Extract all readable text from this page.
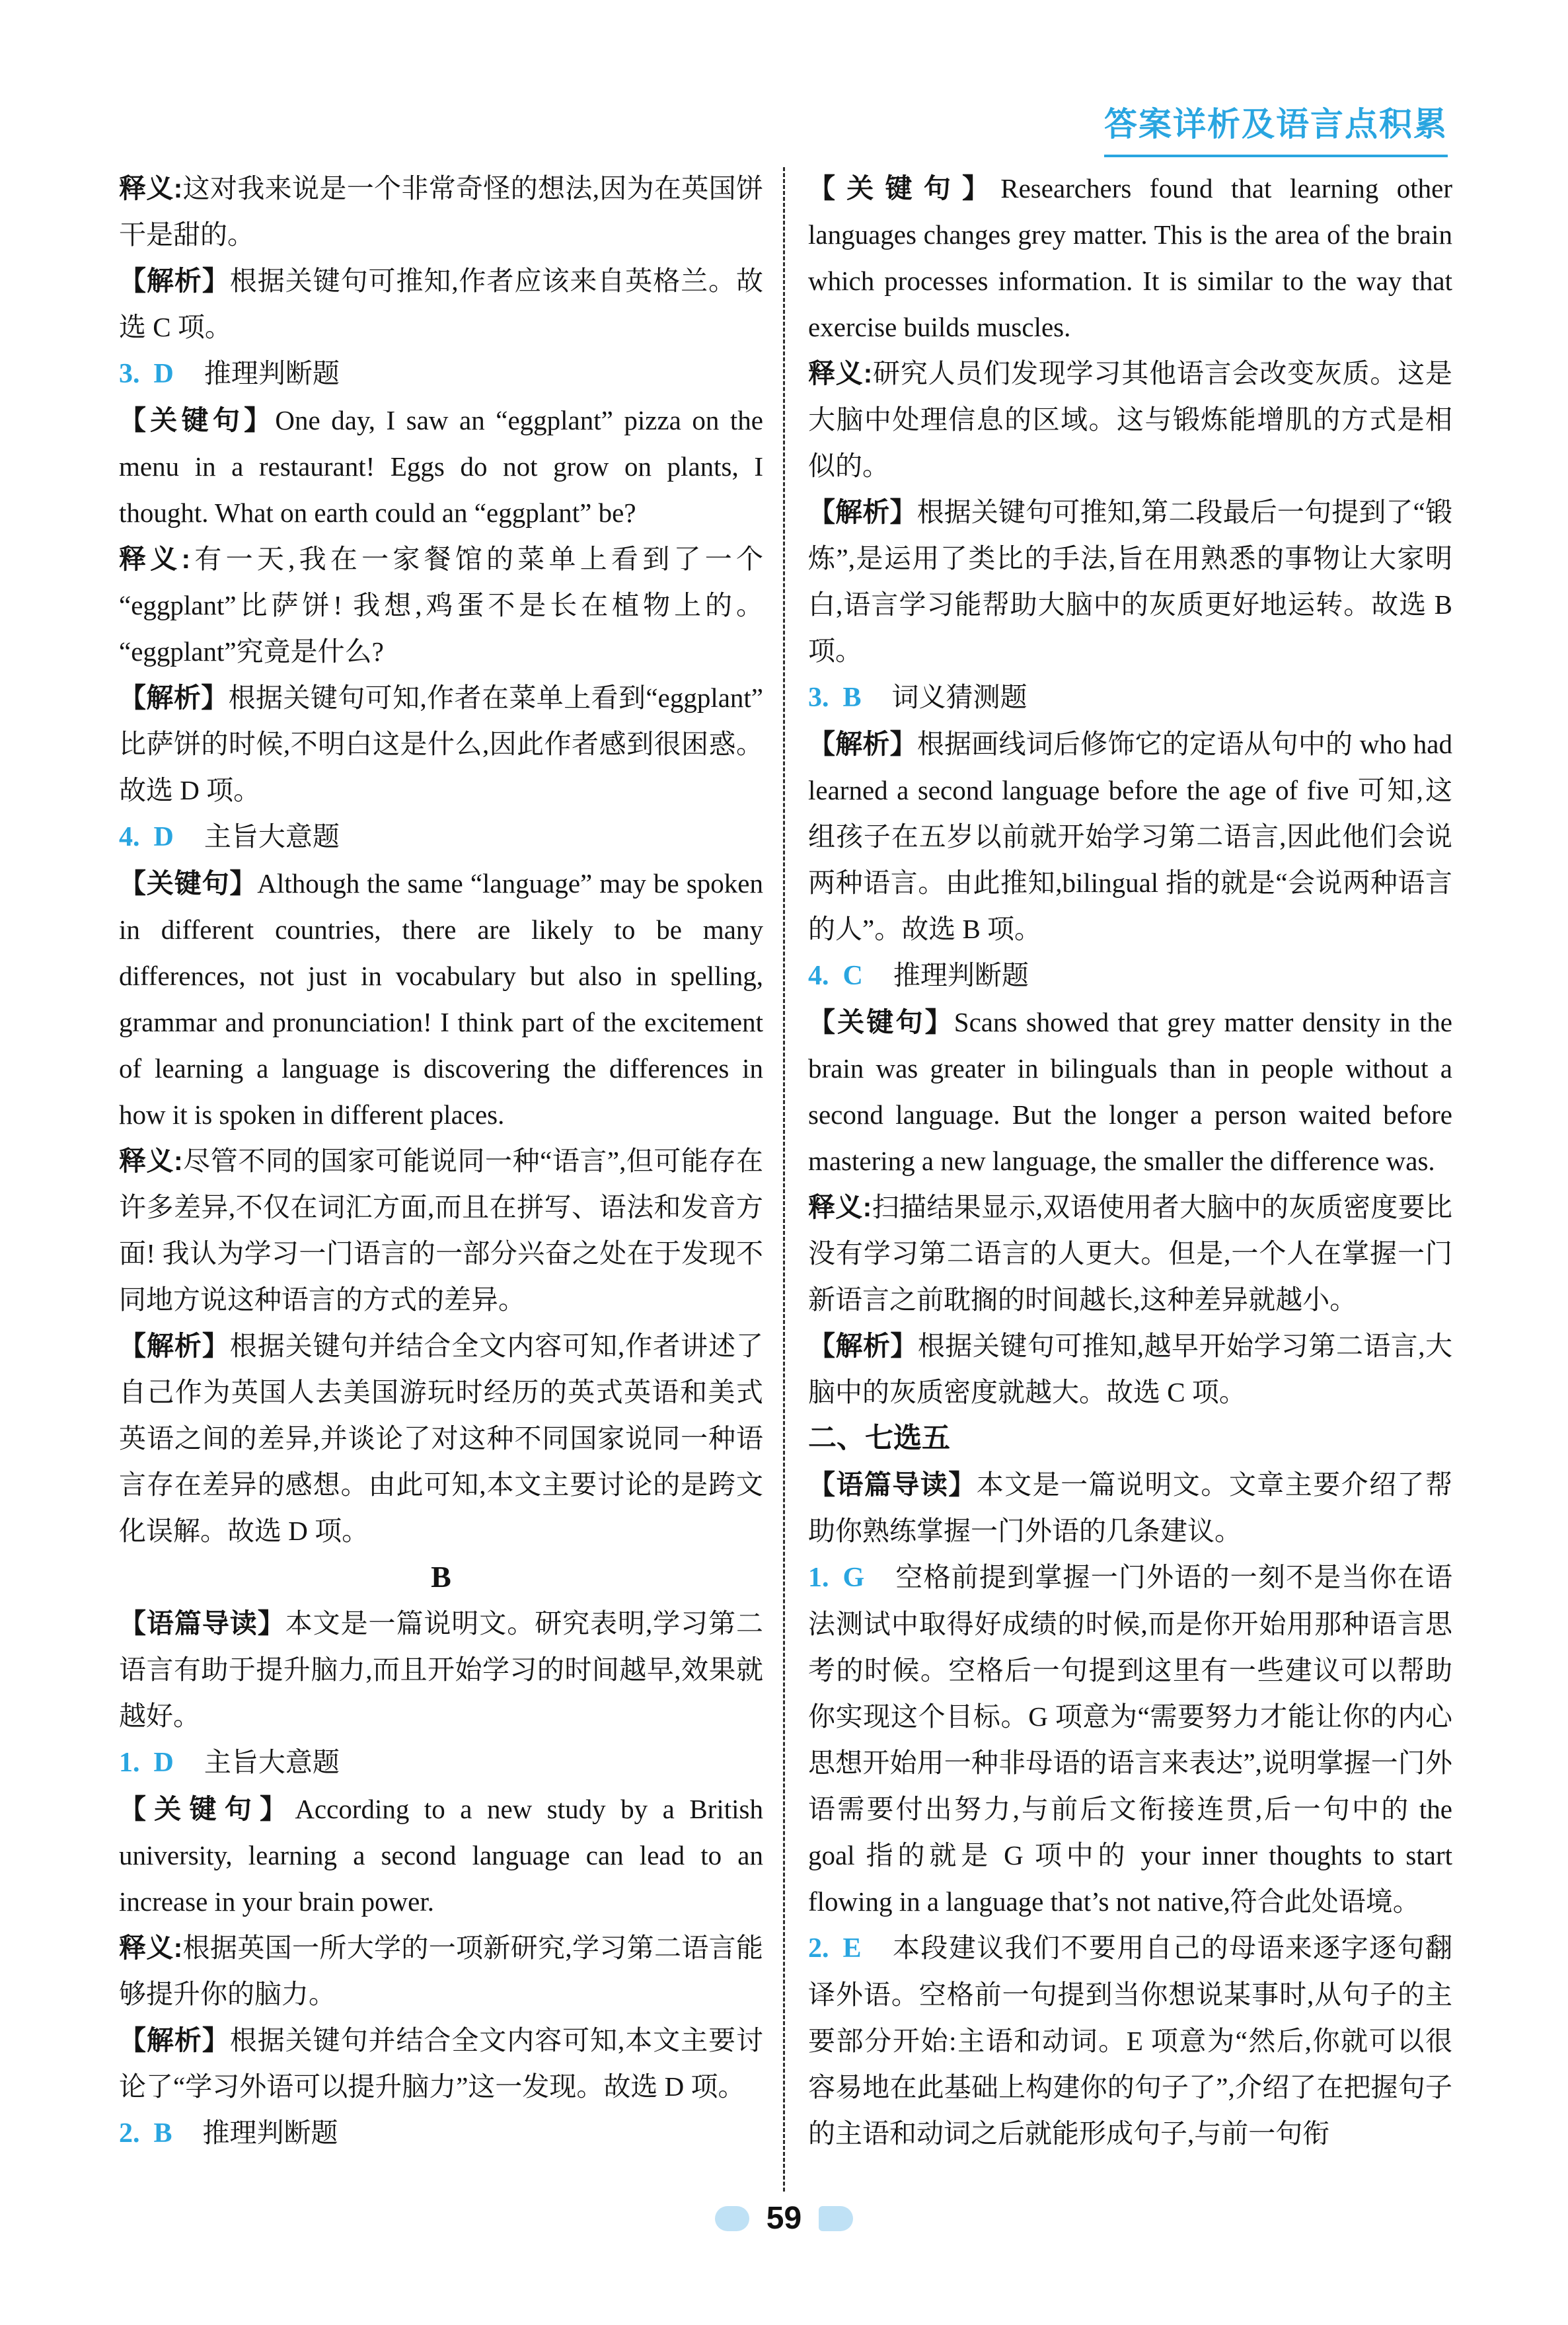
答案详析及语言点积累

释义:这对我来说是一个非常奇怪的想法,因为在英国饼干是甜的。

【解析】根据关键句可推知,作者应该来自英格兰。故选 C 项。

3. D 推理判断题

【关键句】One day, I saw an “eggplant” pizza on the menu in a restaurant! Eggs do not grow on plants, I thought. What on earth could an “eggplant” be?

释义:有一天,我在一家餐馆的菜单上看到了一个“eggplant”比萨饼! 我想,鸡蛋不是长在植物上的。“eggplant”究竟是什么?

【解析】根据关键句可知,作者在菜单上看到“eggplant”比萨饼的时候,不明白这是什么,因此作者感到很困惑。故选 D 项。

4. D 主旨大意题

【关键句】Although the same “language” may be spoken in different countries, there are likely to be many differences, not just in vocabulary but also in spelling, grammar and pronunciation! I think part of the excitement of learning a language is discovering the differences in how it is spoken in different places.

释义:尽管不同的国家可能说同一种“语言”,但可能存在许多差异,不仅在词汇方面,而且在拼写、语法和发音方面! 我认为学习一门语言的一部分兴奋之处在于发现不同地方说这种语言的方式的差异。

【解析】根据关键句并结合全文内容可知,作者讲述了自己作为英国人去美国游玩时经历的英式英语和美式英语之间的差异,并谈论了对这种不同国家说同一种语言存在差异的感想。由此可知,本文主要讨论的是跨文化误解。故选 D 项。

B

【语篇导读】本文是一篇说明文。研究表明,学习第二语言有助于提升脑力,而且开始学习的时间越早,效果就越好。

1. D 主旨大意题

【关键句】According to a new study by a British university, learning a second language can lead to an increase in your brain power.

释义:根据英国一所大学的一项新研究,学习第二语言能够提升你的脑力。

【解析】根据关键句并结合全文内容可知,本文主要讨论了“学习外语可以提升脑力”这一发现。故选 D 项。

2. B 推理判断题

【关键句】Researchers found that learning other languages changes grey matter. This is the area of the brain which processes information. It is similar to the way that exercise builds muscles.

释义:研究人员们发现学习其他语言会改变灰质。这是大脑中处理信息的区域。这与锻炼能增肌的方式是相似的。

【解析】根据关键句可推知,第二段最后一句提到了“锻炼”,是运用了类比的手法,旨在用熟悉的事物让大家明白,语言学习能帮助大脑中的灰质更好地运转。故选 B 项。

3. B 词义猜测题

【解析】根据画线词后修饰它的定语从句中的 who had learned a second language before the age of five 可知,这组孩子在五岁以前就开始学习第二语言,因此他们会说两种语言。由此推知,bilingual 指的就是“会说两种语言的人”。故选 B 项。

4. C 推理判断题

【关键句】Scans showed that grey matter density in the brain was greater in bilinguals than in people without a second language. But the longer a person waited before mastering a new language, the smaller the difference was.

释义:扫描结果显示,双语使用者大脑中的灰质密度要比没有学习第二语言的人更大。但是,一个人在掌握一门新语言之前耽搁的时间越长,这种差异就越小。

【解析】根据关键句可推知,越早开始学习第二语言,大脑中的灰质密度就越大。故选 C 项。

二、七选五

【语篇导读】本文是一篇说明文。文章主要介绍了帮助你熟练掌握一门外语的几条建议。

1. G 空格前提到掌握一门外语的一刻不是当你在语法测试中取得好成绩的时候,而是你开始用那种语言思考的时候。空格后一句提到这里有一些建议可以帮助你实现这个目标。G 项意为“需要努力才能让你的内心思想开始用一种非母语的语言来表达”,说明掌握一门外语需要付出努力,与前后文衔接连贯,后一句中的 the goal 指的就是 G 项中的 your inner thoughts to start flowing in a language that’s not native,符合此处语境。

2. E 本段建议我们不要用自己的母语来逐字逐句翻译外语。空格前一句提到当你想说某事时,从句子的主要部分开始:主语和动词。E 项意为“然后,你就可以很容易地在此基础上构建你的句子了”,介绍了在把握句子的主语和动词之后就能形成句子,与前一句衔

59
